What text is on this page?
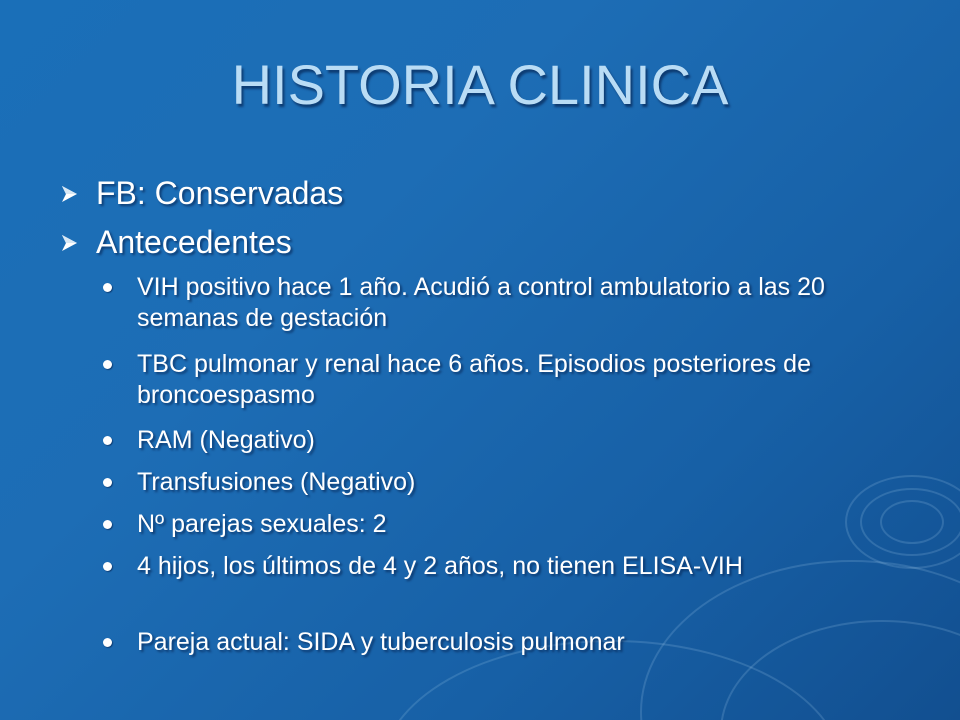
HISTORIA CLINICA
FB: Conservadas
Antecedentes
VIH positivo hace 1 año. Acudió a control ambulatorio a las 20 semanas de gestación
TBC pulmonar y renal hace 6 años. Episodios posteriores de broncoespasmo
RAM (Negativo)
Transfusiones (Negativo)
Nº parejas sexuales: 2
4 hijos, los últimos de 4 y 2 años, no tienen ELISA-VIH
Pareja actual: SIDA y tuberculosis pulmonar
